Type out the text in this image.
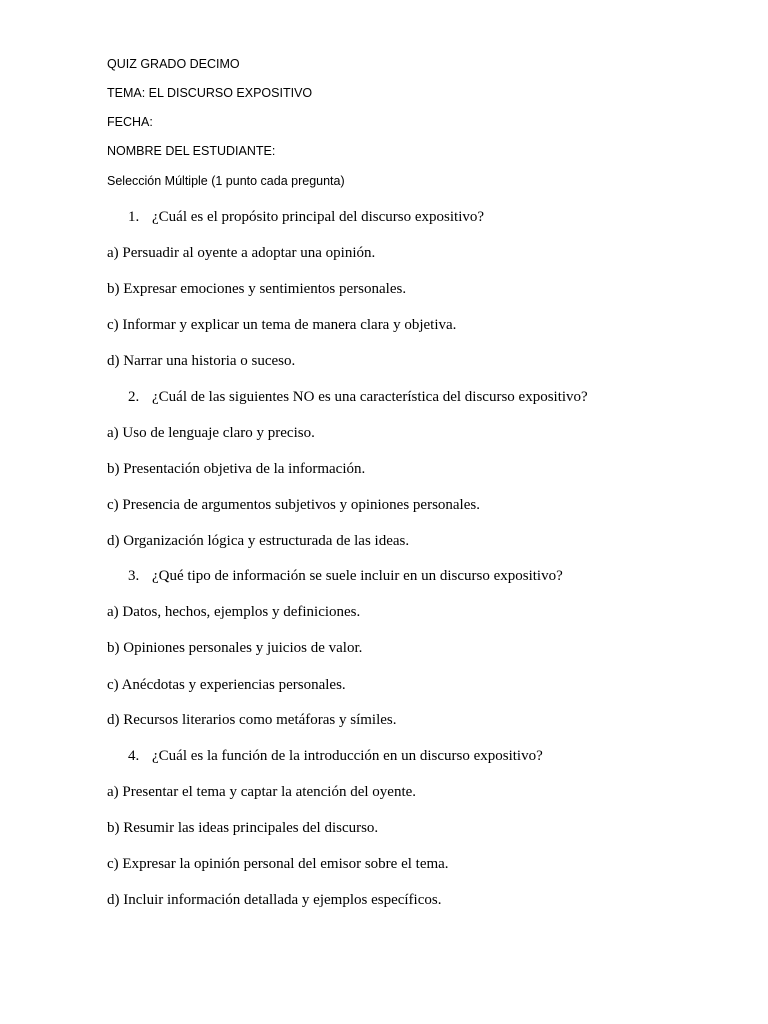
QUIZ GRADO DECIMO
TEMA: EL DISCURSO EXPOSITIVO
FECHA:
NOMBRE DEL ESTUDIANTE:
Selección Múltiple (1 punto cada pregunta)
1. ¿Cuál es el propósito principal del discurso expositivo?
a) Persuadir al oyente a adoptar una opinión.
b) Expresar emociones y sentimientos personales.
c) Informar y explicar un tema de manera clara y objetiva.
d) Narrar una historia o suceso.
2. ¿Cuál de las siguientes NO es una característica del discurso expositivo?
a) Uso de lenguaje claro y preciso.
b) Presentación objetiva de la información.
c) Presencia de argumentos subjetivos y opiniones personales.
d) Organización lógica y estructurada de las ideas.
3. ¿Qué tipo de información se suele incluir en un discurso expositivo?
a) Datos, hechos, ejemplos y definiciones.
b) Opiniones personales y juicios de valor.
c) Anécdotas y experiencias personales.
d) Recursos literarios como metáforas y símiles.
4. ¿Cuál es la función de la introducción en un discurso expositivo?
a) Presentar el tema y captar la atención del oyente.
b) Resumir las ideas principales del discurso.
c) Expresar la opinión personal del emisor sobre el tema.
d) Incluir información detallada y ejemplos específicos.
